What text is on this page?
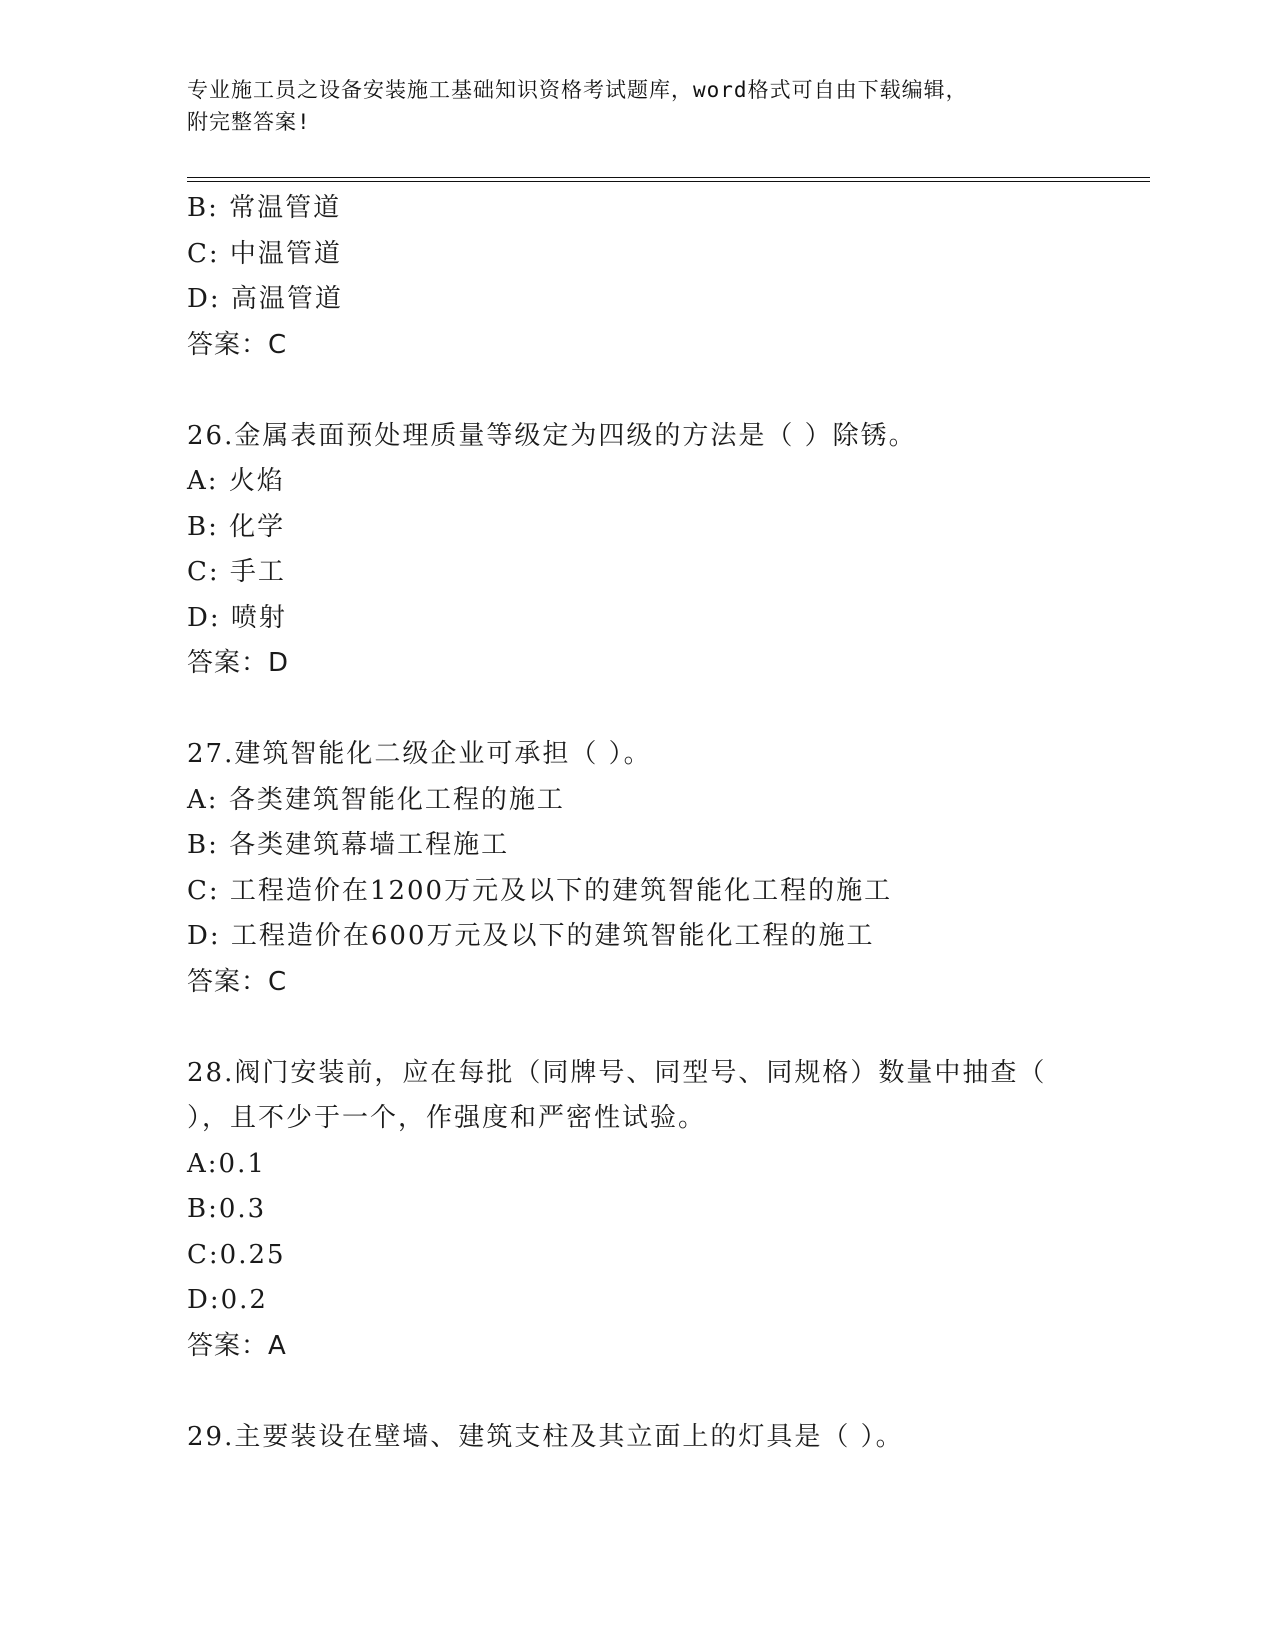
专业施工员之设备安装施工基础知识资格考试题库，word格式可自由下载编辑，
附完整答案!
B: 常温管道
C: 中温管道
D: 高温管道
答案：C
26.金属表面预处理质量等级定为四级的方法是（ ）除锈。
A: 火焰
B: 化学
C: 手工
D: 喷射
答案：D
27.建筑智能化二级企业可承担（ ）。
A: 各类建筑智能化工程的施工
B: 各类建筑幕墙工程施工
C: 工程造价在1200万元及以下的建筑智能化工程的施工
D: 工程造价在600万元及以下的建筑智能化工程的施工
答案：C
28.阀门安装前，应在每批（同牌号、同型号、同规格）数量中抽查（
），且不少于一个，作强度和严密性试验。
A:0.1
B:0.3
C:0.25
D:0.2
答案：A
29.主要装设在壁墙、建筑支柱及其立面上的灯具是（ ）。
